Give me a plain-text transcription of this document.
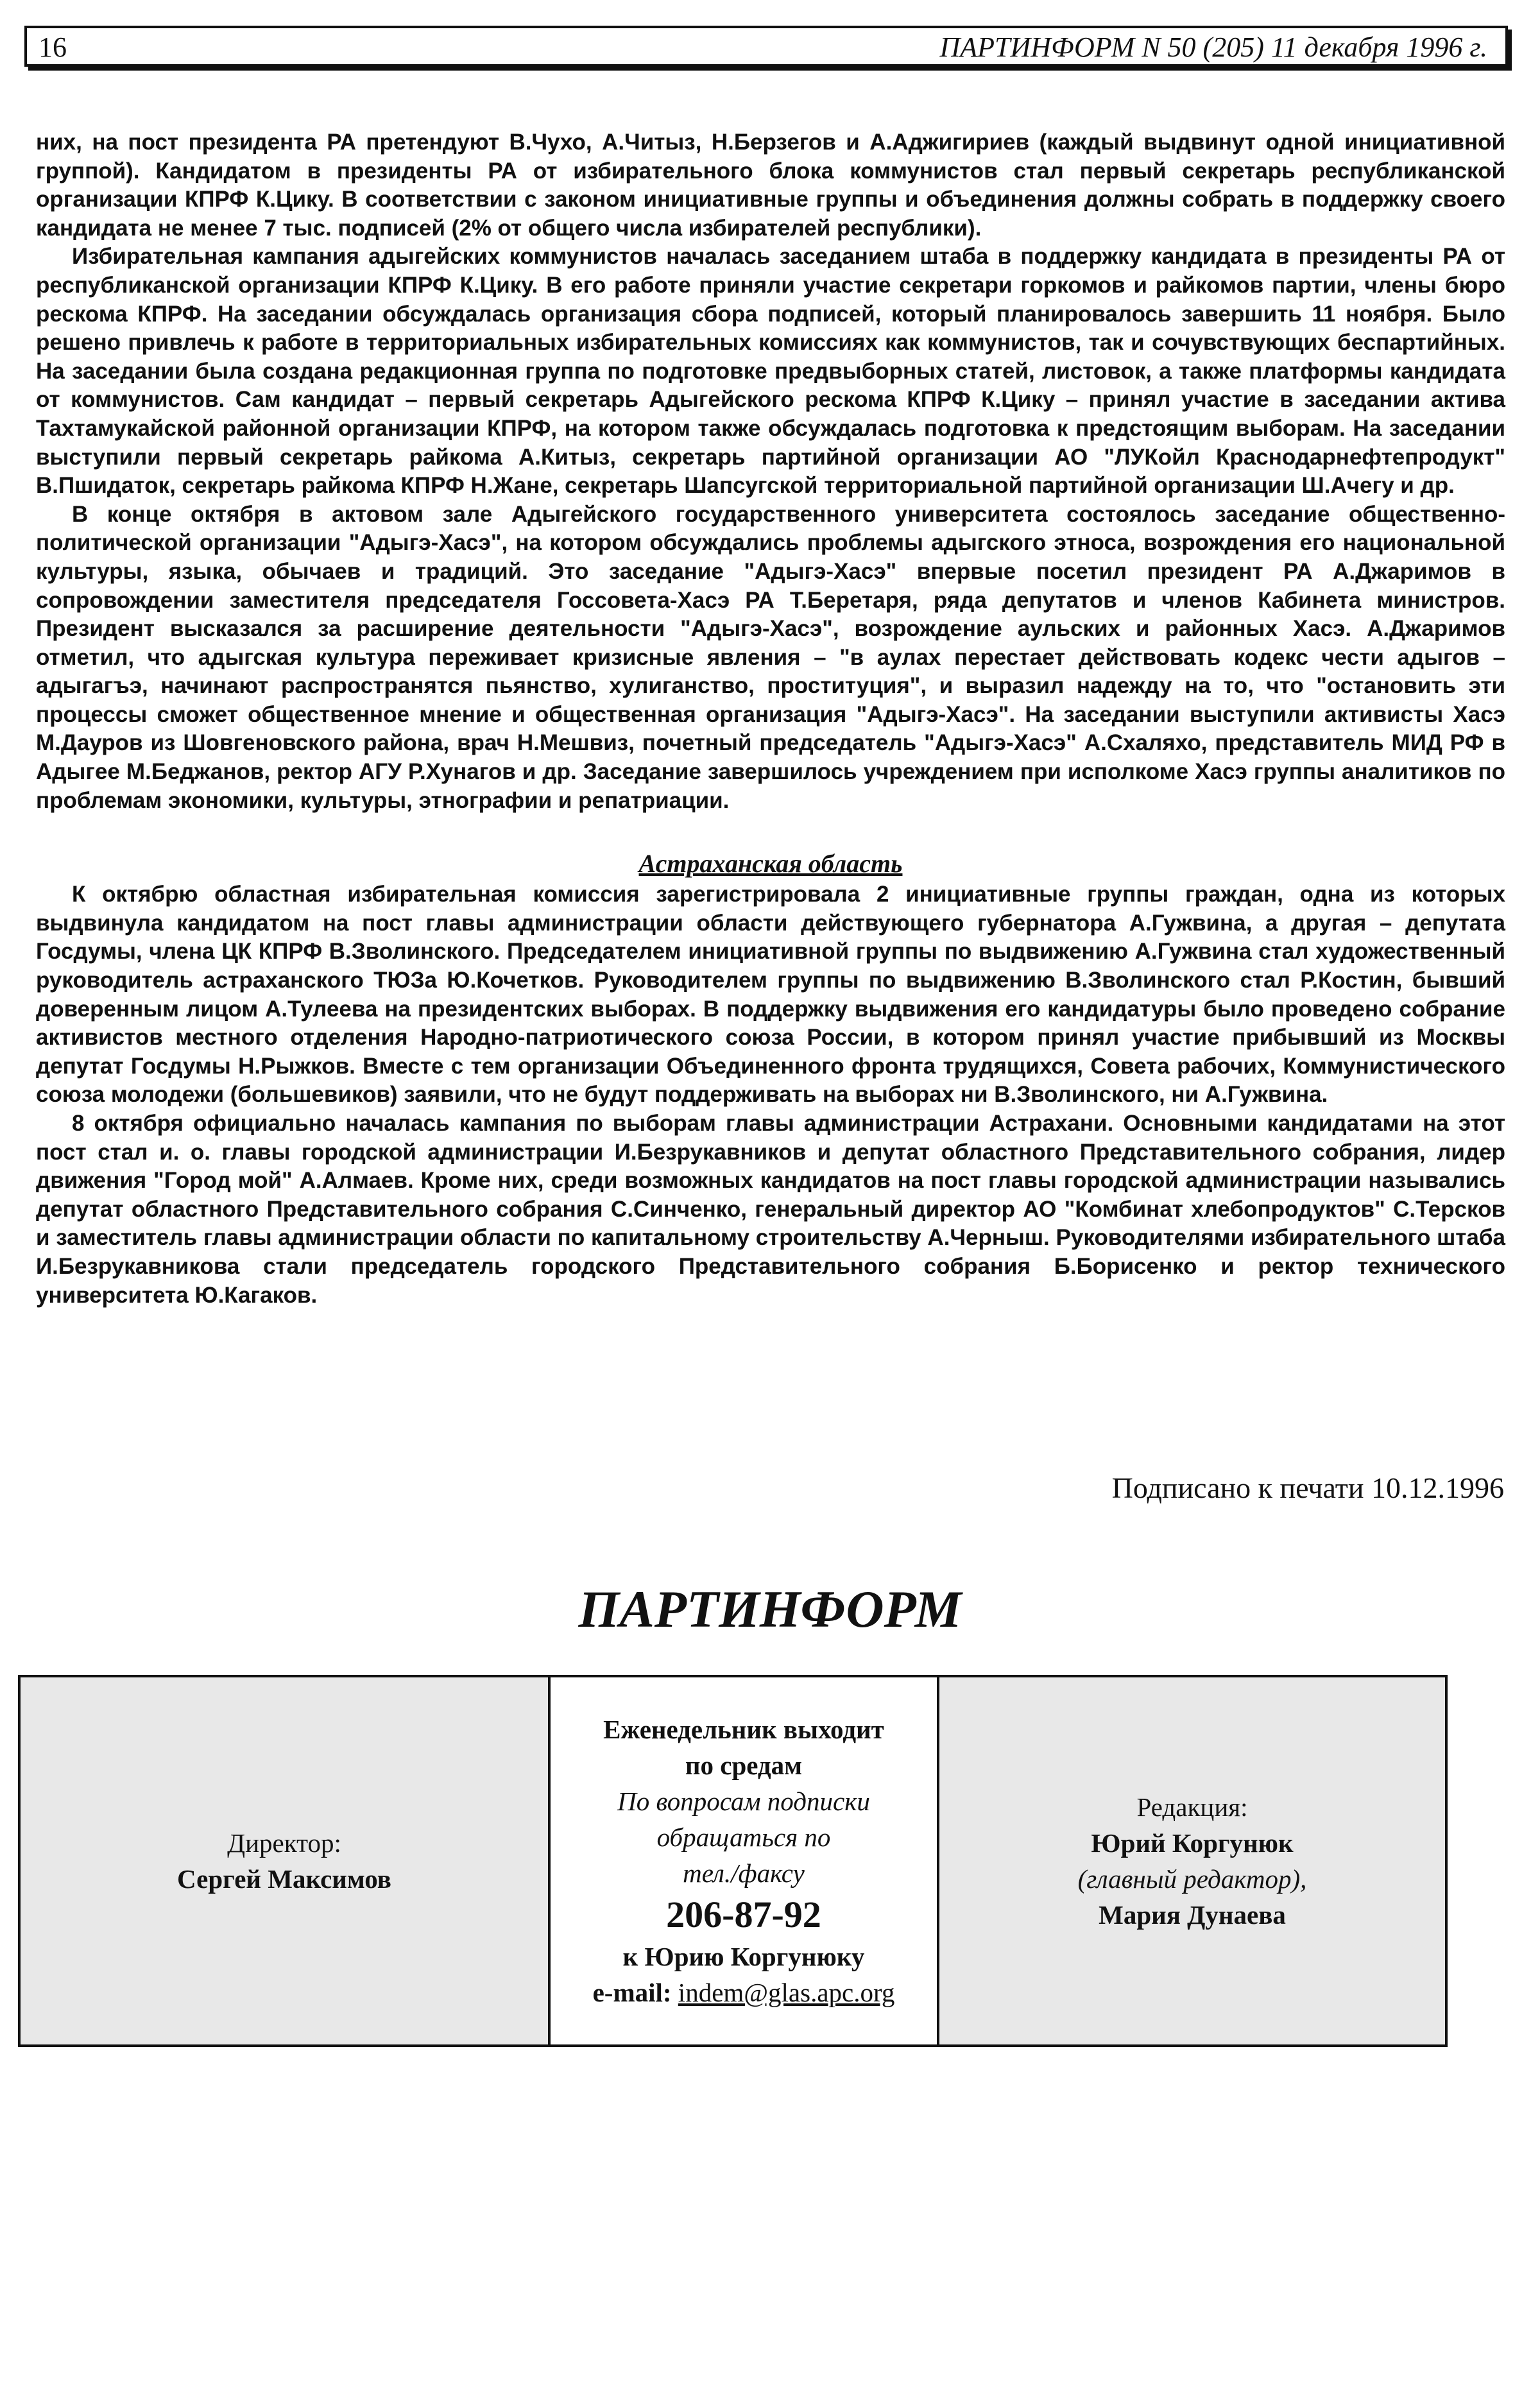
16	ПАРТИНФОРМ N 50 (205) 11 декабря 1996 г.

них, на пост президента РА претендуют В.Чухо, А.Читыз, Н.Берзегов и А.Аджигириев (каждый выдвинут одной инициативной группой). Кандидатом в президенты РА от избирательного блока коммунистов стал первый секретарь республиканской организации КПРФ К.Цику. В соответствии с законом инициативные группы и объединения должны собрать в поддержку своего кандидата не менее 7 тыс. подписей (2% от общего числа избирателей республики).

Избирательная кампания адыгейских коммунистов началась заседанием штаба в поддержку кандидата в президенты РА от республиканской организации КПРФ К.Цику. В его работе приняли участие секретари горкомов и райкомов партии, члены бюро рескома КПРФ. На заседании обсуждалась организация сбора подписей, который планировалось завершить 11 ноября. Было решено привлечь к работе в территориальных избирательных комиссиях как коммунистов, так и сочувствующих беспартийных. На заседании была создана редакционная группа по подготовке предвыборных статей, листовок, а также платформы кандидата от коммунистов. Сам кандидат – первый секретарь Адыгейского рескома КПРФ К.Цику – принял участие в заседании актива Тахтамукайской районной организации КПРФ, на котором также обсуждалась подготовка к предстоящим выборам. На заседании выступили первый секретарь райкома А.Китыз, секретарь партийной организации АО "ЛУКойл Краснодарнефтепродукт" В.Пшидаток, секретарь райкома КПРФ Н.Жане, секретарь Шапсугской территориальной партийной организации Ш.Ачегу и др.

В конце октября в актовом зале Адыгейского государственного университета состоялось заседание общественно-политической организации "Адыгэ-Хасэ", на котором обсуждались проблемы адыгского этноса, возрождения его национальной культуры, языка, обычаев и традиций. Это заседание "Адыгэ-Хасэ" впервые посетил президент РА А.Джаримов в сопровождении заместителя председателя Госсовета-Хасэ РА Т.Беретаря, ряда депутатов и членов Кабинета министров. Президент высказался за расширение деятельности "Адыгэ-Хасэ", возрождение аульских и районных Хасэ. А.Джаримов отметил, что адыгская культура переживает кризисные явления – "в аулах перестает действовать кодекс чести адыгов – адыгагъэ, начинают распространятся пьянство, хулиганство, проституция", и выразил надежду на то, что "остановить эти процессы сможет общественное мнение и общественная организация "Адыгэ-Хасэ". На заседании выступили активисты Хасэ М.Дауров из Шовгеновского района, врач Н.Мешвиз, почетный председатель "Адыгэ-Хасэ" А.Схаляхо, представитель МИД РФ в Адыгее М.Беджанов, ректор АГУ Р.Хунагов и др. Заседание завершилось учреждением при исполкоме Хасэ группы аналитиков по проблемам экономики, культуры, этнографии и репатриации.

Астраханская область

К октябрю областная избирательная комиссия зарегистрировала 2 инициативные группы граждан, одна из которых выдвинула кандидатом на пост главы администрации области действующего губернатора А.Гужвина, а другая – депутата Госдумы, члена ЦК КПРФ В.Зволинского. Председателем инициативной группы по выдвижению А.Гужвина стал художественный руководитель астраханского ТЮЗа Ю.Кочетков. Руководителем группы по выдвижению В.Зволинского стал Р.Костин, бывший доверенным лицом А.Тулеева на президентских выборах. В поддержку выдвижения его кандидатуры было проведено собрание активистов местного отделения Народно-патриотического союза России, в котором принял участие прибывший из Москвы депутат Госдумы Н.Рыжков. Вместе с тем организации Объединенного фронта трудящихся, Совета рабочих, Коммунистического союза молодежи (большевиков) заявили, что не будут поддерживать на выборах ни В.Зволинского, ни А.Гужвина.

8 октября официально началась кампания по выборам главы администрации Астрахани. Основными кандидатами на этот пост стал и. о. главы городской администрации И.Безрукавников и депутат областного Представительного собрания, лидер движения "Город мой" А.Алмаев. Кроме них, среди возможных кандидатов на пост главы городской администрации назывались депутат областного Представительного собрания С.Синченко, генеральный директор АО "Комбинат хлебопродуктов" С.Терсков и заместитель главы администрации области по капитальному строительству А.Черныш. Руководителями избирательного штаба И.Безрукавникова стали председатель городского Представительного собрания Б.Борисенко и ректор технического университета Ю.Кагаков.

Подписано к печати 10.12.1996
ПАРТИНФОРМ
Директор:
Сергей Максимов
Еженедельник выходит
по средам
По вопросам подписки
обращаться по
тел./факсу
206-87-92
к Юрию Коргунюку
e-mail: indem@glas.apc.org
Редакция:
Юрий Коргунюк
(главный редактор),
Мария Дунаева
